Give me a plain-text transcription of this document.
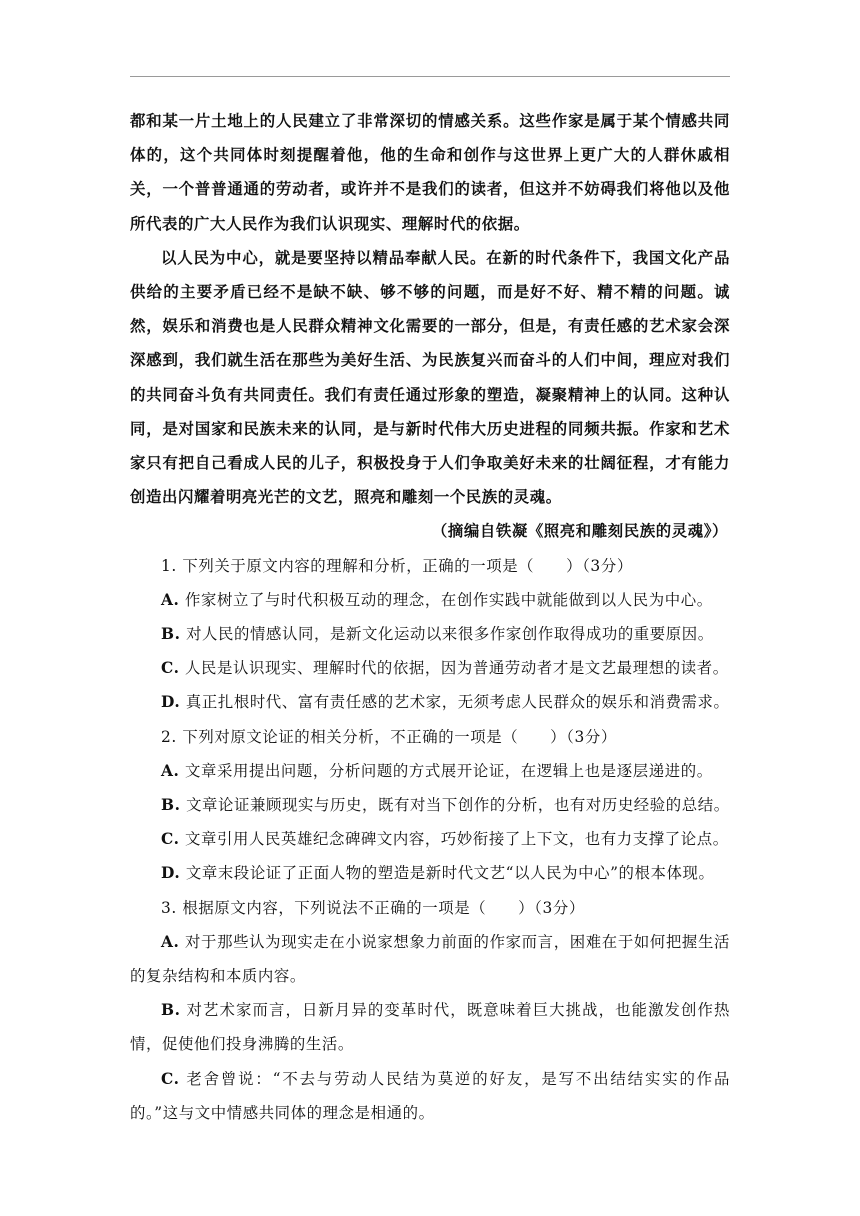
都和某一片土地上的人民建立了非常深切的情感关系。这些作家是属于某个情感共同体的，这个共同体时刻提醒着他，他的生命和创作与这世界上更广大的人群休戚相关，一个普普通通的劳动者，或许并不是我们的读者，但这并不妨碍我们将他以及他所代表的广大人民作为我们认识现实、理解时代的依据。

以人民为中心，就是要坚持以精品奉献人民。在新的时代条件下，我国文化产品供给的主要矛盾已经不是缺不缺、够不够的问题，而是好不好、精不精的问题。诚然，娱乐和消费也是人民群众精神文化需要的一部分，但是，有责任感的艺术家会深深感到，我们就生活在那些为美好生活、为民族复兴而奋斗的人们中间，理应对我们的共同奋斗负有共同责任。我们有责任通过形象的塑造，凝聚精神上的认同。这种认同，是对国家和民族未来的认同，是与新时代伟大历史进程的同频共振。作家和艺术家只有把自己看成人民的儿子，积极投身于人们争取美好未来的壮阔征程，才有能力创造出闪耀着明亮光芒的文艺，照亮和雕刻一个民族的灵魂。

（摘编自铁凝《照亮和雕刻民族的灵魂》）

1. 下列关于原文内容的理解和分析，正确的一项是（　　）（3分）

A. 作家树立了与时代积极互动的理念，在创作实践中就能做到以人民为中心。

B. 对人民的情感认同，是新文化运动以来很多作家创作取得成功的重要原因。

C. 人民是认识现实、理解时代的依据，因为普通劳动者才是文艺最理想的读者。

D. 真正扎根时代、富有责任感的艺术家，无须考虑人民群众的娱乐和消费需求。

2. 下列对原文论证的相关分析，不正确的一项是（　　）（3分）

A. 文章采用提出问题，分析问题的方式展开论证，在逻辑上也是逐层递进的。

B. 文章论证兼顾现实与历史，既有对当下创作的分析，也有对历史经验的总结。

C. 文章引用人民英雄纪念碑碑文内容，巧妙衔接了上下文，也有力支撑了论点。

D. 文章末段论证了正面人物的塑造是新时代文艺“以人民为中心”的根本体现。

3. 根据原文内容，下列说法不正确的一项是（　　）（3分）

A. 对于那些认为现实走在小说家想象力前面的作家而言，困难在于如何把握生活的复杂结构和本质内容。

B. 对艺术家而言，日新月异的变革时代，既意味着巨大挑战，也能激发创作热情，促使他们投身沸腾的生活。

C. 老舍曾说：“不去与劳动人民结为莫逆的好友，是写不出结结实实的作品的。”这与文中情感共同体的理念是相通的。
